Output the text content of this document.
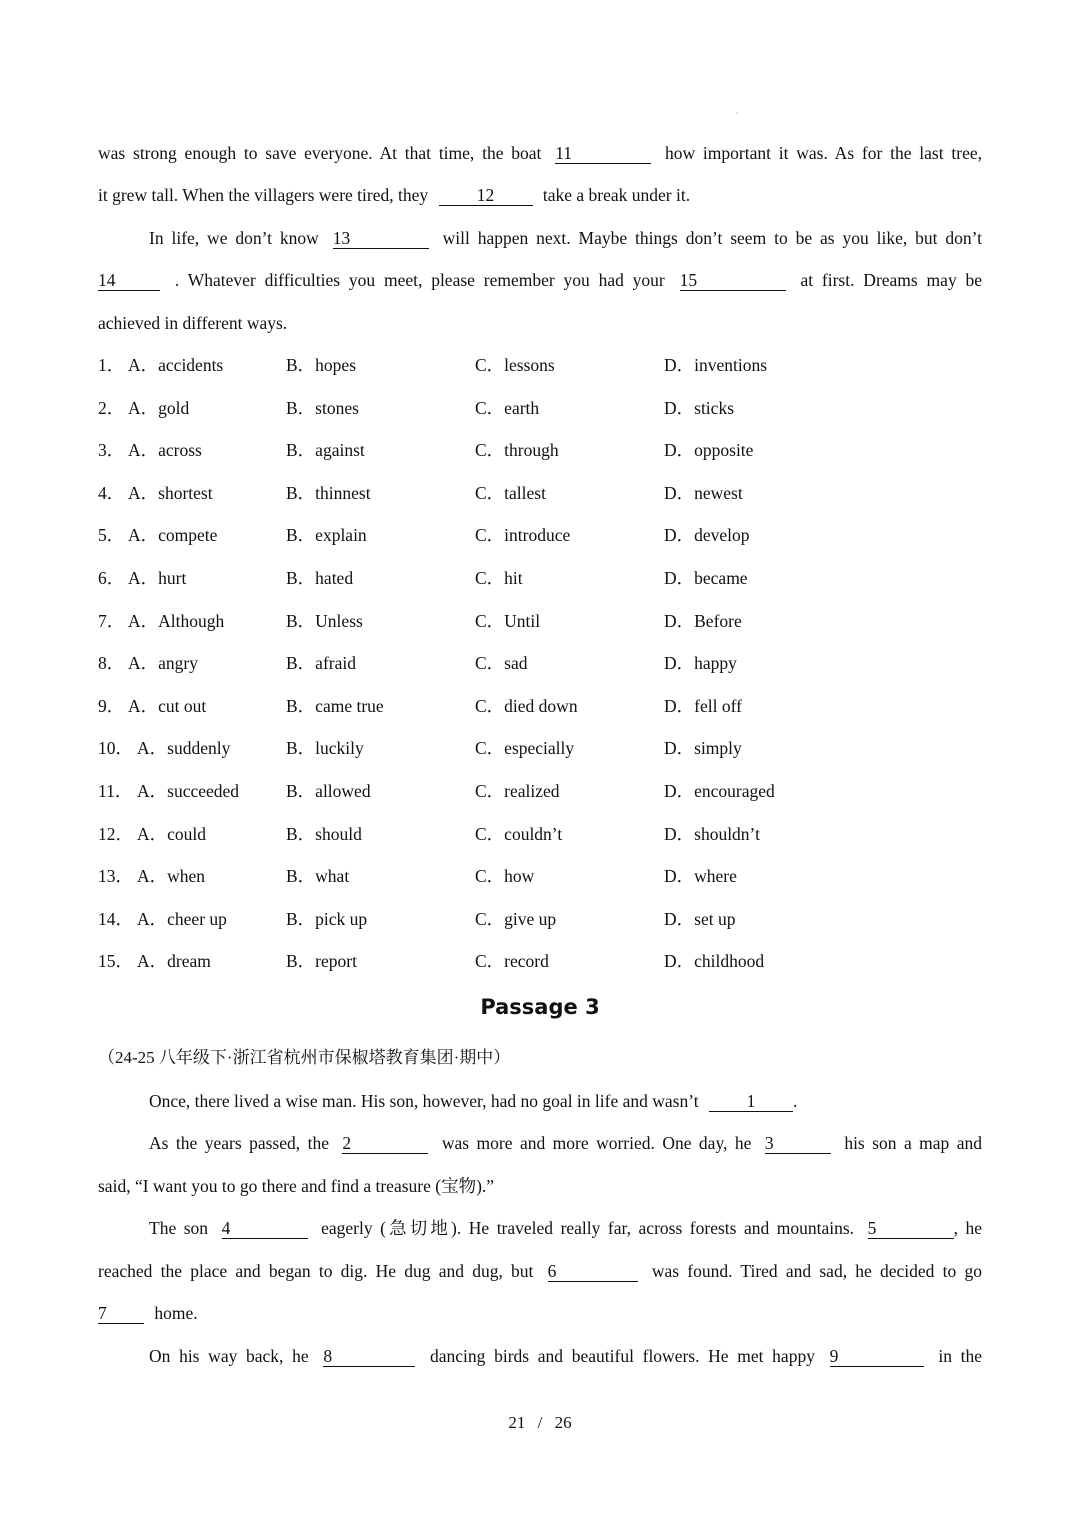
was strong enough to save everyone. At that time, the boat 11	how important it was. As for the last tree,
it grew tall. When the villagers were tired, they	12	take a break under it.
In life, we don’t know 13	will happen next. Maybe things don’t seem to be as you like, but don’t
14	. Whatever difficulties you meet, please remember you had your 15	at first. Dreams may be
achieved in different ways.
1． A．accidents	B．hopes	C．lessons	D．inventions
2． A．gold	B．stones	C．earth	D．sticks
3． A．across	B．against	C．through	D．opposite
4． A．shortest	B．thinnest	C．tallest	D．newest
5． A．compete	B．explain	C．introduce	D．develop
6． A．hurt	B．hated	C．hit	D．became
7． A．Although	B．Unless	C．Until	D．Before
8． A．angry	B．afraid	C．sad	D．happy
9． A．cut out	B．came true	C．died down	D．fell off
10． A．suddenly	B．luckily	C．especially	D．simply
11． A．succeeded	B．allowed	C．realized	D．encouraged
12． A．could	B．should	C．couldn’t	D．shouldn’t
13． A．when	B．what	C．how	D．where
14． A．cheer up	B．pick up	C．give up	D．set up
15． A．dream	B．report	C．record	D．childhood
Passage 3
（24-25 八年级下·浙江省杭州市保椒塔教育集团·期中）
Once, there lived a wise man. His son, however, had no goal in life and wasn’t	1 .
As the years passed, the 2	was more and more worried. One day, he 3	his son a map and
said, “I want you to go there and find a treasure (宝物).”
The son 4	eagerly (急切地). He traveled really far, across forests and mountains. 5	, he
reached the place and began to dig. He dug and dug, but 6	was found. Tired and sad, he decided to go
7	home.
On his way back, he 8	dancing birds and beautiful flowers. He met happy 9	in the
21 / 26
